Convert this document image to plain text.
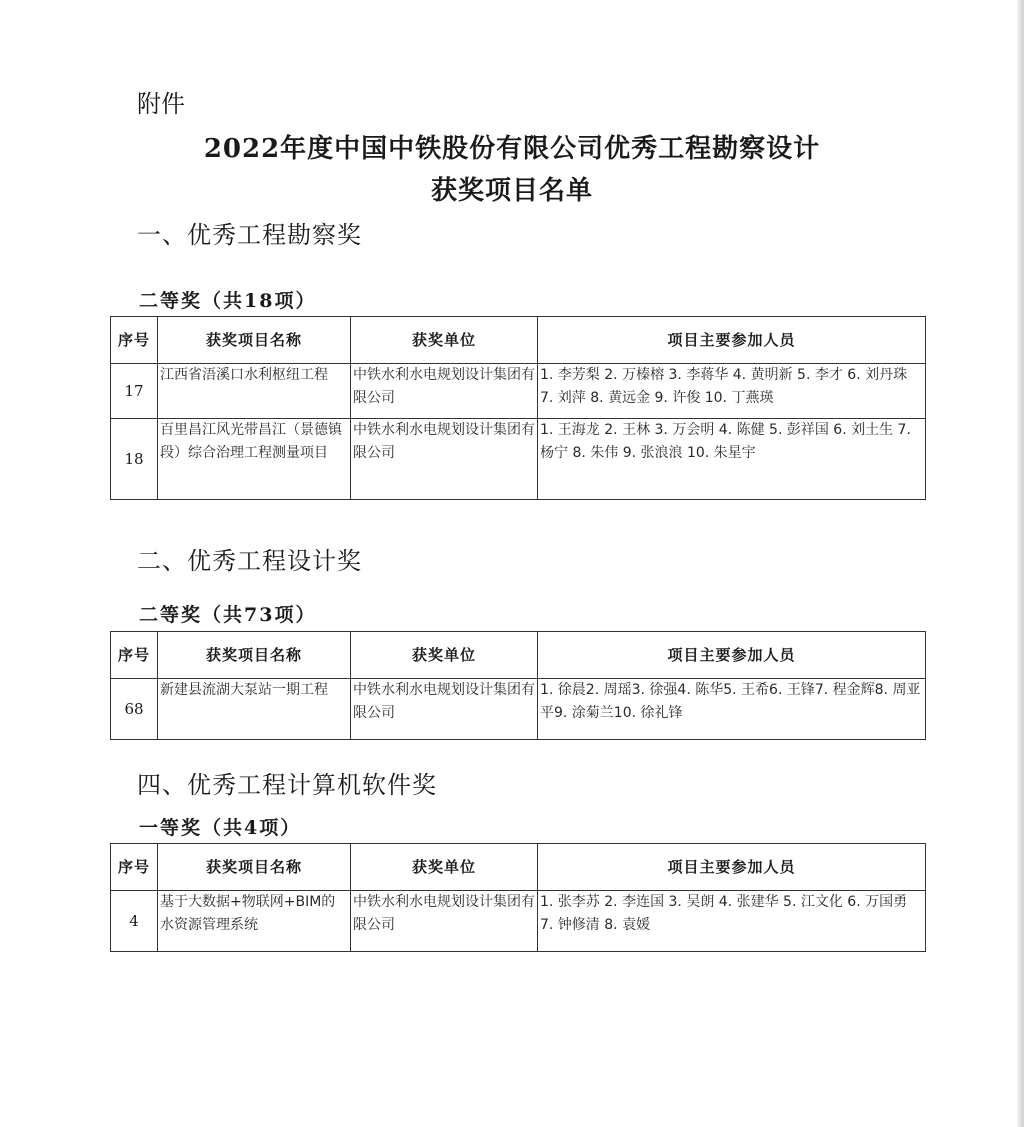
附件
2022年度中国中铁股份有限公司优秀工程勘察设计
获奖项目名单
一、优秀工程勘察奖
二等奖（共18项）
序号	获奖项目名称	获奖单位	项目主要参加人员
17	江西省浯溪口水利枢纽工程	中铁水利水电规划设计集团有限公司	1. 李芳梨 2. 万榛榕 3. 李蒋华 4. 黄明新 5. 李才 6. 刘丹珠 7. 刘萍 8. 黄远金 9. 许俊 10. 丁燕瑛
18	百里昌江风光带昌江（景德镇段）综合治理工程测量项目	中铁水利水电规划设计集团有限公司	1. 王海龙 2. 王林 3. 万会明 4. 陈健 5. 彭祥国 6. 刘土生 7. 杨宁 8. 朱伟 9. 张浪浪 10. 朱星宇
二、优秀工程设计奖
二等奖（共73项）
序号	获奖项目名称	获奖单位	项目主要参加人员
68	新建县流湖大泵站一期工程	中铁水利水电规划设计集团有限公司	1. 徐晨2. 周瑶3. 徐强4. 陈华5. 王希6. 王锋7. 程金辉8. 周亚平9. 涂菊兰10. 徐礼锋
四、优秀工程计算机软件奖
一等奖（共4项）
序号	获奖项目名称	获奖单位	项目主要参加人员
4	基于大数据+物联网+BIM的水资源管理系统	中铁水利水电规划设计集团有限公司	1. 张李苏 2. 李连国 3. 吴朗 4. 张建华 5. 江文化 6. 万国勇 7. 钟修清 8. 袁媛
